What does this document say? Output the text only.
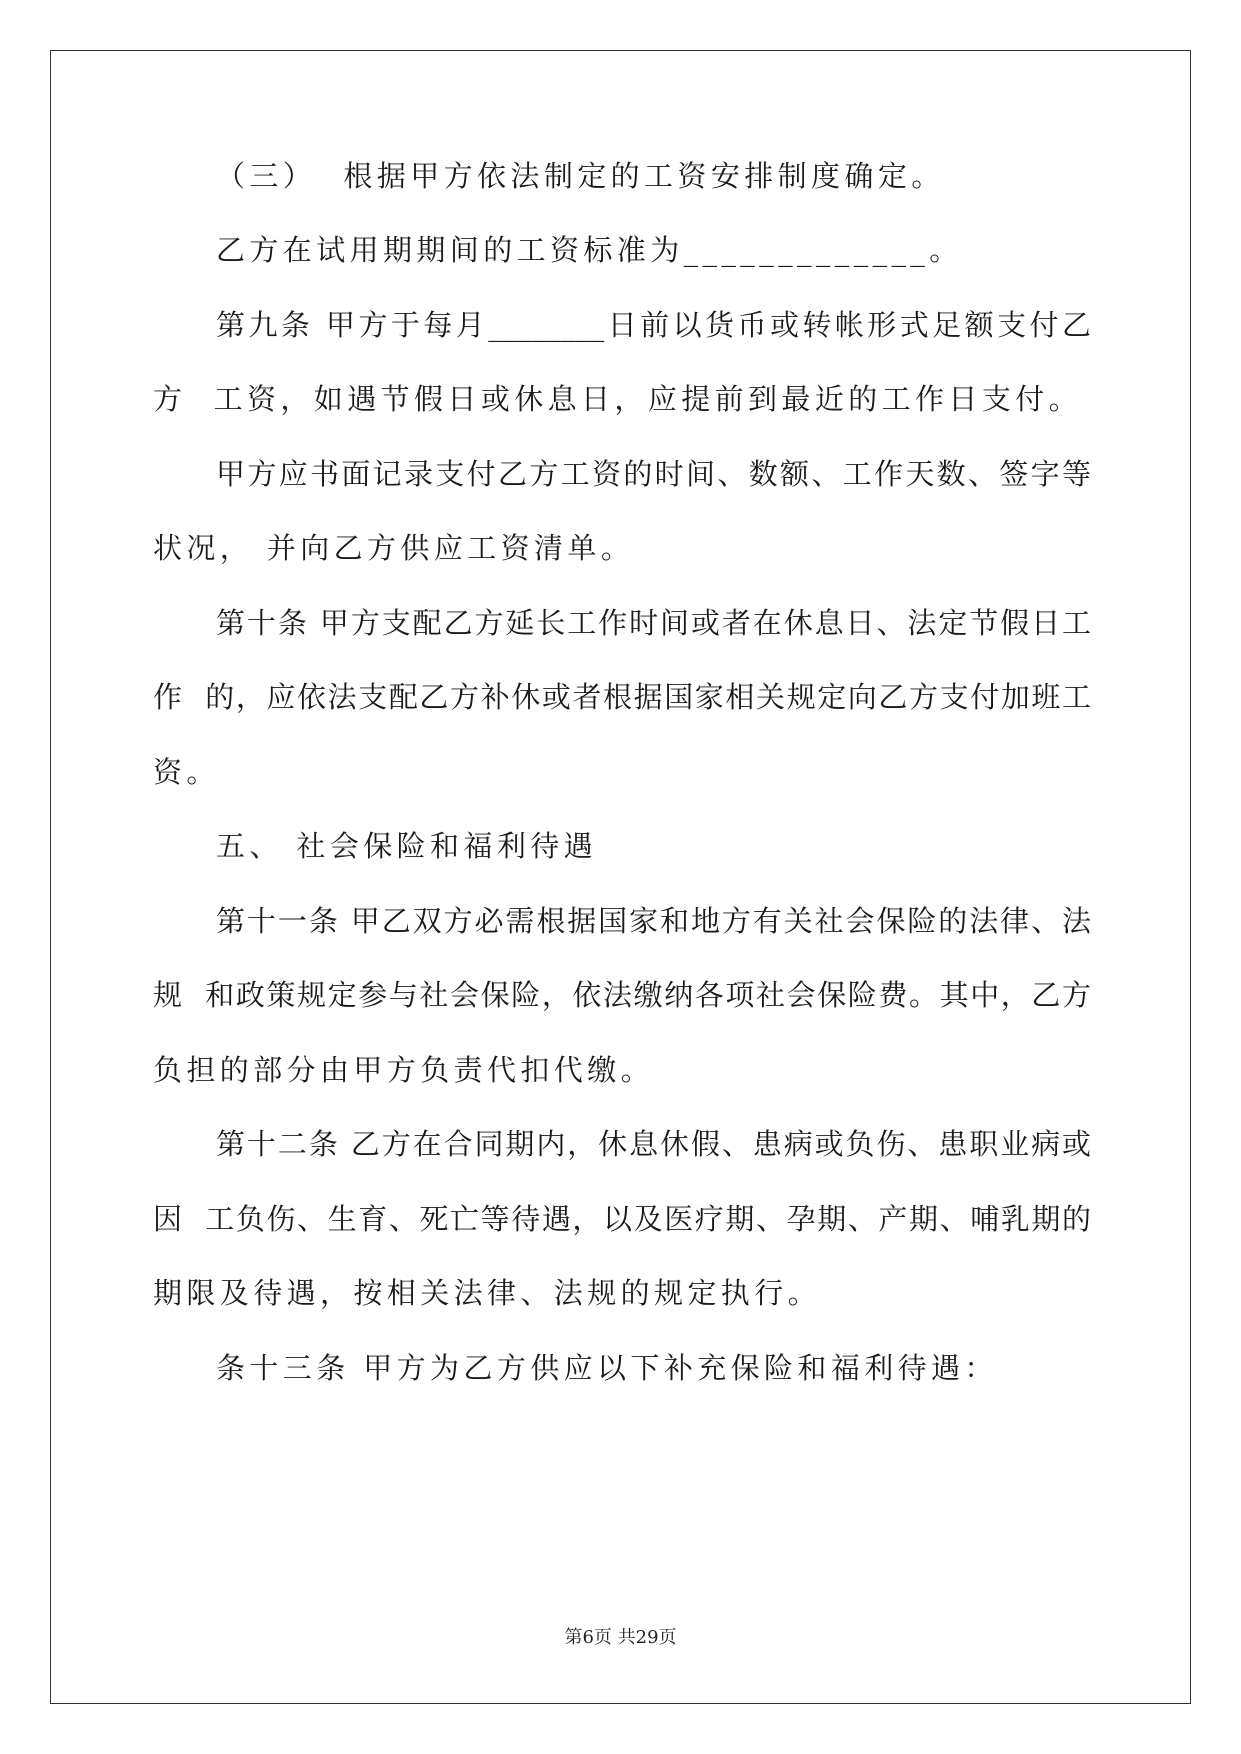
（三）  根据甲方依法制定的工资安排制度确定。
乙方在试用期期间的工资标准为_____________。
第九条 甲方于每月________日前以货币或转帐形式足额支付乙
方  工资，如遇节假日或休息日，应提前到最近的工作日支付。
甲方应书面记录支付乙方工资的时间、数额、工作天数、签字等
状况， 并向乙方供应工资清单。
第十条 甲方支配乙方延长工作时间或者在休息日、法定节假日工
作  的，应依法支配乙方补休或者根据国家相关规定向乙方支付加班工
资。
五、 社会保险和福利待遇
第十一条 甲乙双方必需根据国家和地方有关社会保险的法律、法
规  和政策规定参与社会保险，依法缴纳各项社会保险费。其中，乙方
负担的部分由甲方负责代扣代缴。
第十二条 乙方在合同期内，休息休假、患病或负伤、患职业病或
因  工负伤、生育、死亡等待遇，以及医疗期、孕期、产期、哺乳期的
期限及待遇，按相关法律、法规的规定执行。
条十三条 甲方为乙方供应以下补充保险和福利待遇：
第6页 共29页
